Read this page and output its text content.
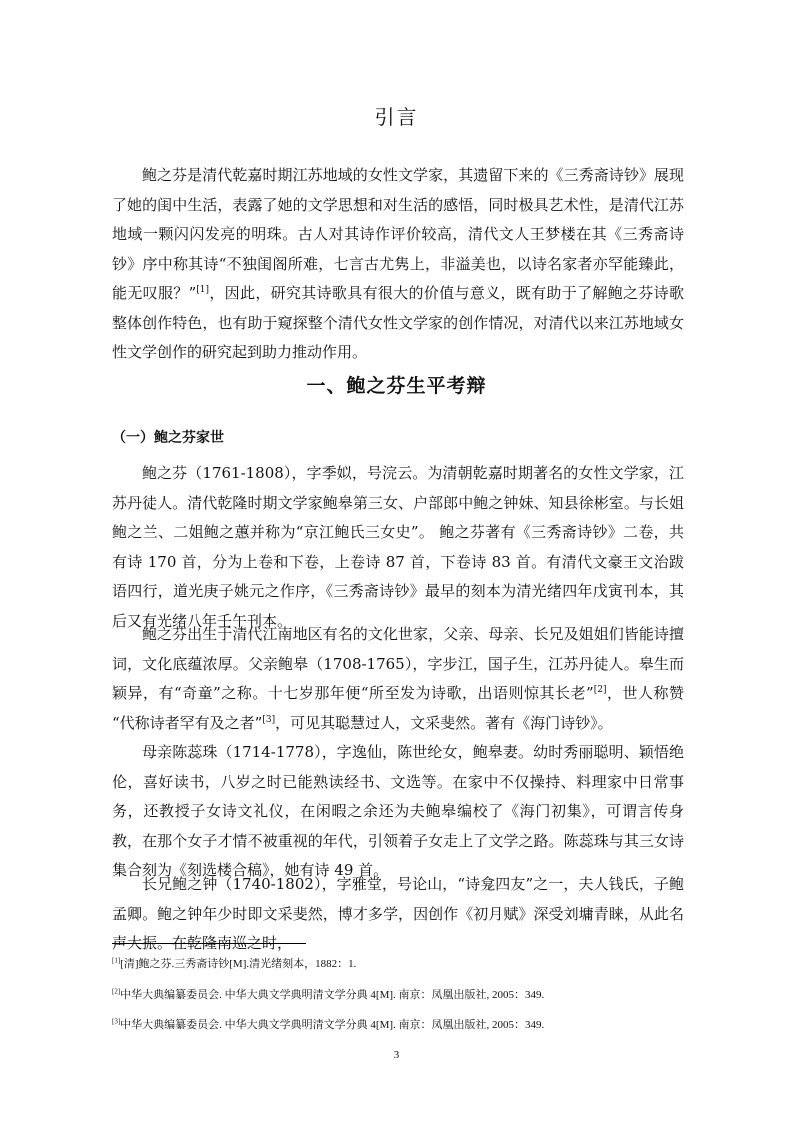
引言

鲍之芬是清代乾嘉时期江苏地域的女性文学家，其遗留下来的《三秀斋诗钞》展现了她的闺中生活，表露了她的文学思想和对生活的感悟，同时极具艺术性，是清代江苏地域一颗闪闪发亮的明珠。古人对其诗作评价较高，清代文人王梦楼在其《三秀斋诗钞》序中称其诗“不独闺阁所难，七言古尤隽上，非溢美也，以诗名家者亦罕能臻此，能无叹服？”[1]，因此，研究其诗歌具有很大的价值与意义，既有助于了解鲍之芬诗歌整体创作特色，也有助于窥探整个清代女性文学家的创作情况，对清代以来江苏地域女性文学创作的研究起到助力推动作用。

一、鲍之芬生平考辩
（一）鲍之芬家世

鲍之芬（1761-1808），字季姒，号浣云。为清朝乾嘉时期著名的女性文学家，江苏丹徒人。清代乾隆时期文学家鲍皋第三女、户部郎中鲍之钟妹、知县徐彬室。与长姐鲍之兰、二姐鲍之蕙并称为“京江鲍氏三女史”。 鲍之芬著有《三秀斋诗钞》二卷，共有诗 170 首，分为上卷和下卷，上卷诗 87 首，下卷诗 83 首。有清代文豪王文治跋语四行，道光庚子姚元之作序，《三秀斋诗钞》最早的刻本为清光绪四年戊寅刊本，其后又有光绪八年壬午刊本。

鲍之芬出生于清代江南地区有名的文化世家，父亲、母亲、长兄及姐姐们皆能诗擅词，文化底蕴浓厚。父亲鲍皋（1708-1765），字步江，国子生，江苏丹徒人。皋生而颖异，有“奇童”之称。十七岁那年便“所至发为诗歌，出语则惊其长老”[2]，世人称赞 “代称诗者罕有及之者”[3]，可见其聪慧过人，文采斐然。著有《海门诗钞》。

母亲陈蕊珠（1714-1778），字逸仙，陈世纶女，鲍皋妻。幼时秀丽聪明、颖悟绝伦，喜好读书，八岁之时已能熟读经书、文选等。在家中不仅操持、料理家中日常事务，还教授子女诗文礼仪，在闲暇之余还为夫鲍皋编校了《海门初集》，可谓言传身教，在那个女子才情不被重视的年代，引领着子女走上了文学之路。陈蕊珠与其三女诗集合刻为《刻选楼合稿》，她有诗 49 首。

长兄鲍之钟（1740-1802），字雅堂，号论山，“诗龛四友”之一，夫人钱氏，子鲍孟卿。鲍之钟年少时即文采斐然，博才多学，因创作《初月赋》深受刘墉青睐，从此名声大振。在乾隆南巡之时，

[1][清]鲍之芬.三秀斋诗钞[M].清光绪刻本，1882：1.
[2]中华大典编纂委员会. 中华大典文学典明清文学分典 4[M]. 南京：凤凰出版社, 2005：349.
[3]中华大典编纂委员会. 中华大典文学典明清文学分典 4[M]. 南京：凤凰出版社, 2005：349.
3
